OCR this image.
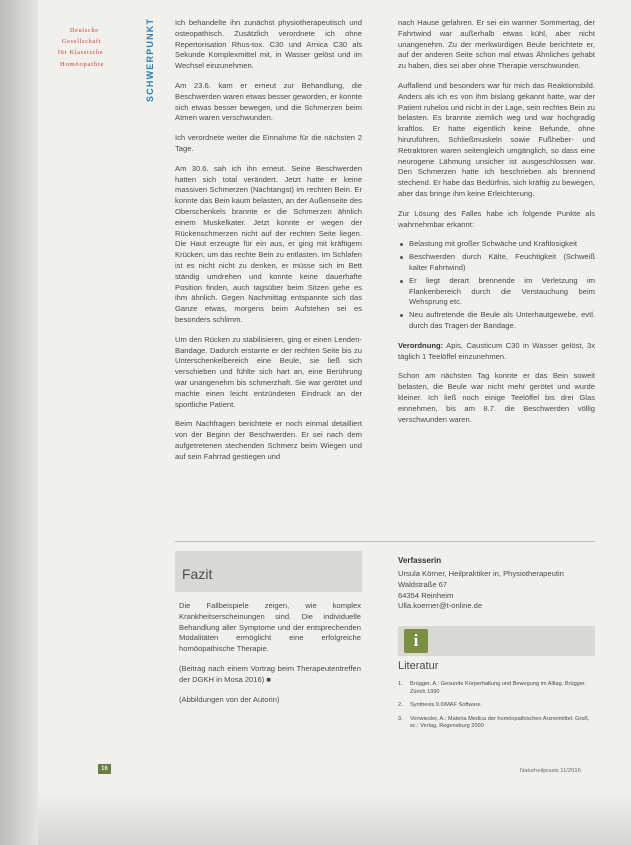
Deutsche
Gesellschaft
für Klassische
Homöopathie	SCHWERPUNKT	Ich behandelte ihn zunächst physiotherapeutisch und osteopathisch. Zusätzlich verordnete ich ohne Repertorisation Rhus-tox. C30 und Arnica C30 als Sekunde Komplexmittel mit, in Wasser gelöst und im Wechsel einzunehmen.

Am 23.6. kam er erneut zur Behandlung, die Beschwerden waren etwas besser geworden, er konnte sich etwas besser bewegen, und die Schmerzen beim Atmen waren verschwunden.

Ich verordnete weiter die Einnahme für die nächsten 2 Tage.

Am 30.6. sah ich ihn erneut. Seine Beschwerden hatten sich total verändert. Jetzt hatte er keine massiven Schmerzen (Nachtangst) im rechten Bein. Er konnte das Bein kaum belasten, an der Außenseite des Oberschenkels brannte er die Schmerzen ähnlich einem Muskelkater. Jetzt konnte er wegen der Rückenschmerzen nicht auf der rechten Seite liegen. Die Haut erzeugte für ein aus, er ging mit kräftigem Krücken, um das rechte Bein zu entlasten. Im Schlafen ist es nicht nicht zu denken, er müsse sich im Bett ständig umdrehen und konnte keine dauerhafte Position finden, auch tagsüber beim Sitzen gehe es ihm ähnlich. Gegen Nachmittag entspannte sich das Ganze etwas, morgens beim Aufstehen sei es besonders schlimm.

Um den Rücken zu stabilisieren, ging er einen Lenden-Bandage. Dadurch erstarrte er der rechten Seite bis zu Unterschenkelbereich eine Beule, sie ließ sich verschieben und fühlte sich hart an, eine Berührung war unangenehm bis schmerzhaft. Sie war gerötet und machte einen leicht entzündeten Eindruck an der sportliche Patient.

Beim Nachfragen berichtete er noch einmal detailliert von der Beginn der Beschwerden. Er sei nach dem aufgetretenen stechenden Schmerz beim Wiegen und auf sein Fahrrad gestiegen und

nach Hause gefahren. Er sei ein warmer Sommertag, der Fahrtwind war außerhalb etwas kühl, aber nicht unangenehm. Zu der merkwürdigen Beule berichtete er, auf der anderen Seite schon mal etwas Ähnliches gehabt zu haben, dies sei aber ohne Therapie verschwunden.

Auffallend und besonders war für mich das Reaktionsbild. Anders als ich es von ihm bislang gekannt hatte, war der Patient ruhelos und nicht in der Lage, sein rechtes Bein zu belasten. Es brannte ziemlich weg und war hochgradig kraftlos. Er hatte eigentlich keine Befunde, ohne hinzuführen, Schließmuskeln sowie Fußheber- und Retraktoren waren seitengleich umgänglich, so dass eine neurogene Lähmung unsicher ist ausgeschlossen war. Den Schmerzen hatte ich beschrieben als brennend stechend. Er habe das Bedürfnis, sich kräftig zu bewegen, aber das bringe ihm keine Erleichterung.

Zur Lösung des Falles habe ich folgende Punkte als wahrnehmbar erkannt:

Belastung mit großer Schwäche und Kraftlosigkeit
Beschwerden durch Kälte, Feuchtigkeit (Schweiß kalter Fahrtwind)
Er liegt derart brennende im Verletzung im Flankenbereich durch die Verstauchung beim Wehsprung etc.
Neu auftretende die Beule als Unterhautgewebe, evtl. durch das Tragen der Bandage.

Verordnung: Apis, Causticum C30 in Wasser gelöst, 3x täglich 1 Teelöffel einzunehmen.

Schon am nächsten Tag konnte er das Bein soweit belasten, die Beule war nicht mehr gerötet und wurde kleiner. Ich ließ noch einige Teelöffel bis drei Glas einnehmen, bis am 8.7. die Beschwerden völlig verschwunden waren.

Fazit

Die Fallbeispiele zeigen, wie komplex Krankheitserscheinungen sind. Die individuelle Behandlung aller Symptome und der entsprechenden Modalitäten ermöglicht eine erfolgreiche homöopathische Therapie.

(Beitrag nach einem Vortrag beim Therapeutentreffen der DGKH in Mosa 2016) ■

(Abbildungen von der Autorin)

Verfasserin
Ursula Körner, Heilpraktiker in, Physiotherapeutin
Waldstraße 67
64354 Reinheim
Ulla.koerner@t-online.de
i
Literatur
1.	Brügger, A.: Gesunde Körperhaltung und Bewegung im Alltag. Brügger, Zürich 1990
2.	Synthesis 9.0/MAF Software
3.	Vonwiesler, A.: Materia Medica der homöopathischen Arzneimittel. Groß, sc.: Verlag, Regensburg 2000
16	Naturheilpraxis 11/2016
